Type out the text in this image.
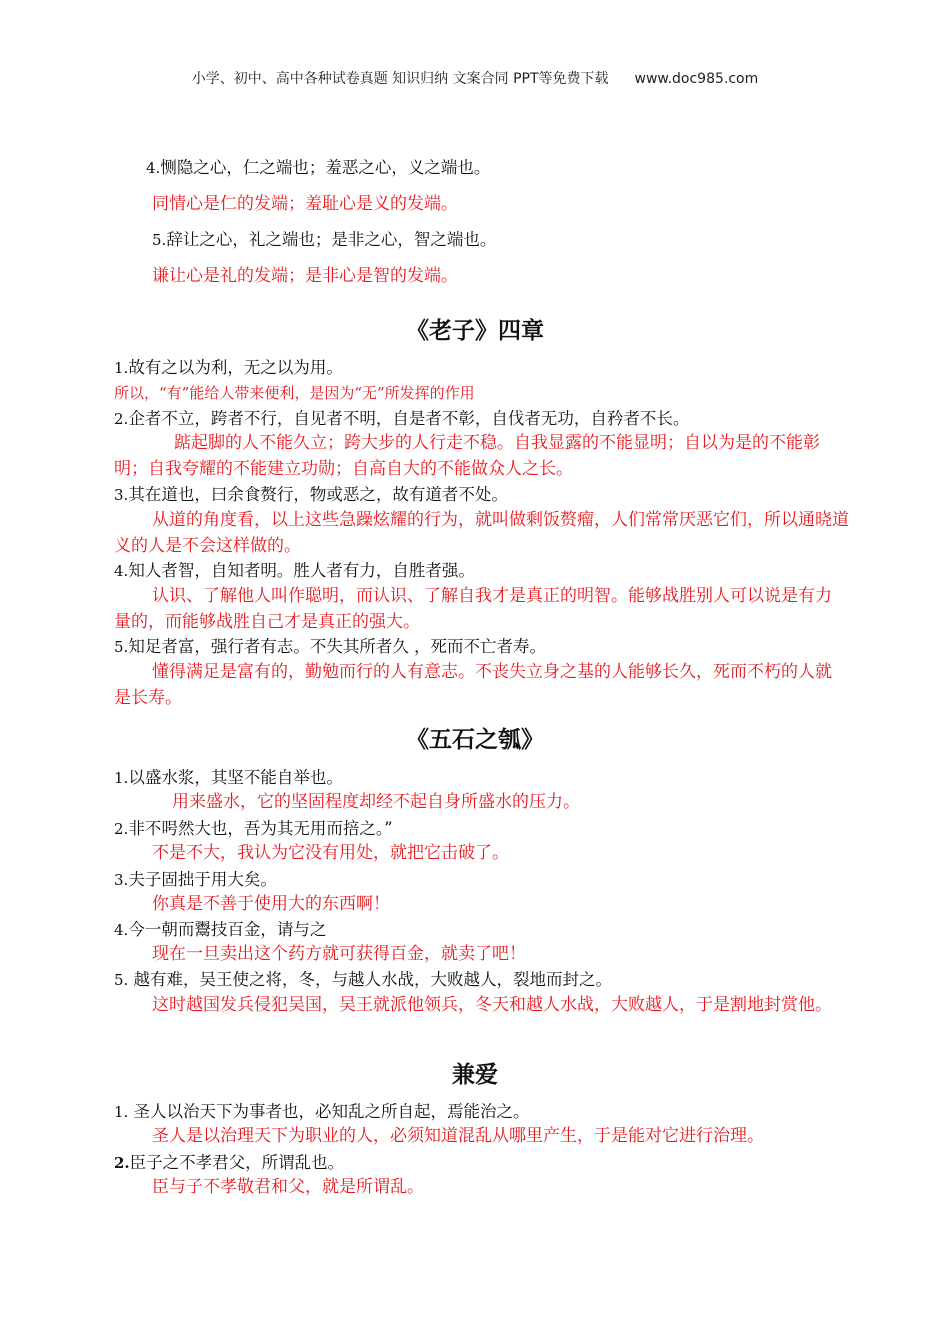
小学、初中、高中各种试卷真题 知识归纳 文案合同 PPT等免费下载 www.doc985.com
4.恻隐之心，仁之端也；羞恶之心，义之端也。
同情心是仁的发端；羞耻心是义的发端。
5.辞让之心，礼之端也；是非之心，智之端也。
谦让心是礼的发端；是非心是智的发端。
《老子》四章
1.故有之以为利，无之以为用。
所以，“有”能给人带来便利，是因为“无”所发挥的作用
2.企者不立，跨者不行，自见者不明，自是者不彰，自伐者无功，自矜者不长。
踮起脚的人不能久立；跨大步的人行走不稳。自我显露的不能显明；自以为是的不能彰明；自我夸耀的不能建立功勋；自高自大的不能做众人之长。
3.其在道也，曰余食赘行，物或恶之，故有道者不处。
从道的角度看，以上这些急躁炫耀的行为，就叫做剩饭赘瘤，人们常常厌恶它们，所以通晓道义的人是不会这样做的。
4.知人者智，自知者明。胜人者有力，自胜者强。
认识、了解他人叫作聪明，而认识、了解自我才是真正的明智。能够战胜别人可以说是有力量的，而能够战胜自己才是真正的强大。
5.知足者富，强行者有志。不失其所者久 ，死而不亡者寿。
懂得满足是富有的，勤勉而行的人有意志。不丧失立身之基的人能够长久，死而不朽的人就是长寿。
《五石之瓠》
1.以盛水浆，其坚不能自举也。
用来盛水，它的坚固程度却经不起自身所盛水的压力。
2.非不呺然大也，吾为其无用而掊之。”
不是不大，我认为它没有用处，就把它击破了。
3.夫子固拙于用大矣。
你真是不善于使用大的东西啊！
4.今一朝而鬻技百金，请与之
现在一旦卖出这个药方就可获得百金，就卖了吧！
5. 越有难，吴王使之将，冬，与越人水战，大败越人，裂地而封之。
这时越国发兵侵犯吴国，吴王就派他领兵，冬天和越人水战，大败越人，于是割地封赏他。
兼爱
1. 圣人以治天下为事者也，必知乱之所自起，焉能治之。
圣人是以治理天下为职业的人，必须知道混乱从哪里产生，于是能对它进行治理。
2.臣子之不孝君父，所谓乱也。
臣与子不孝敬君和父，就是所谓乱。
